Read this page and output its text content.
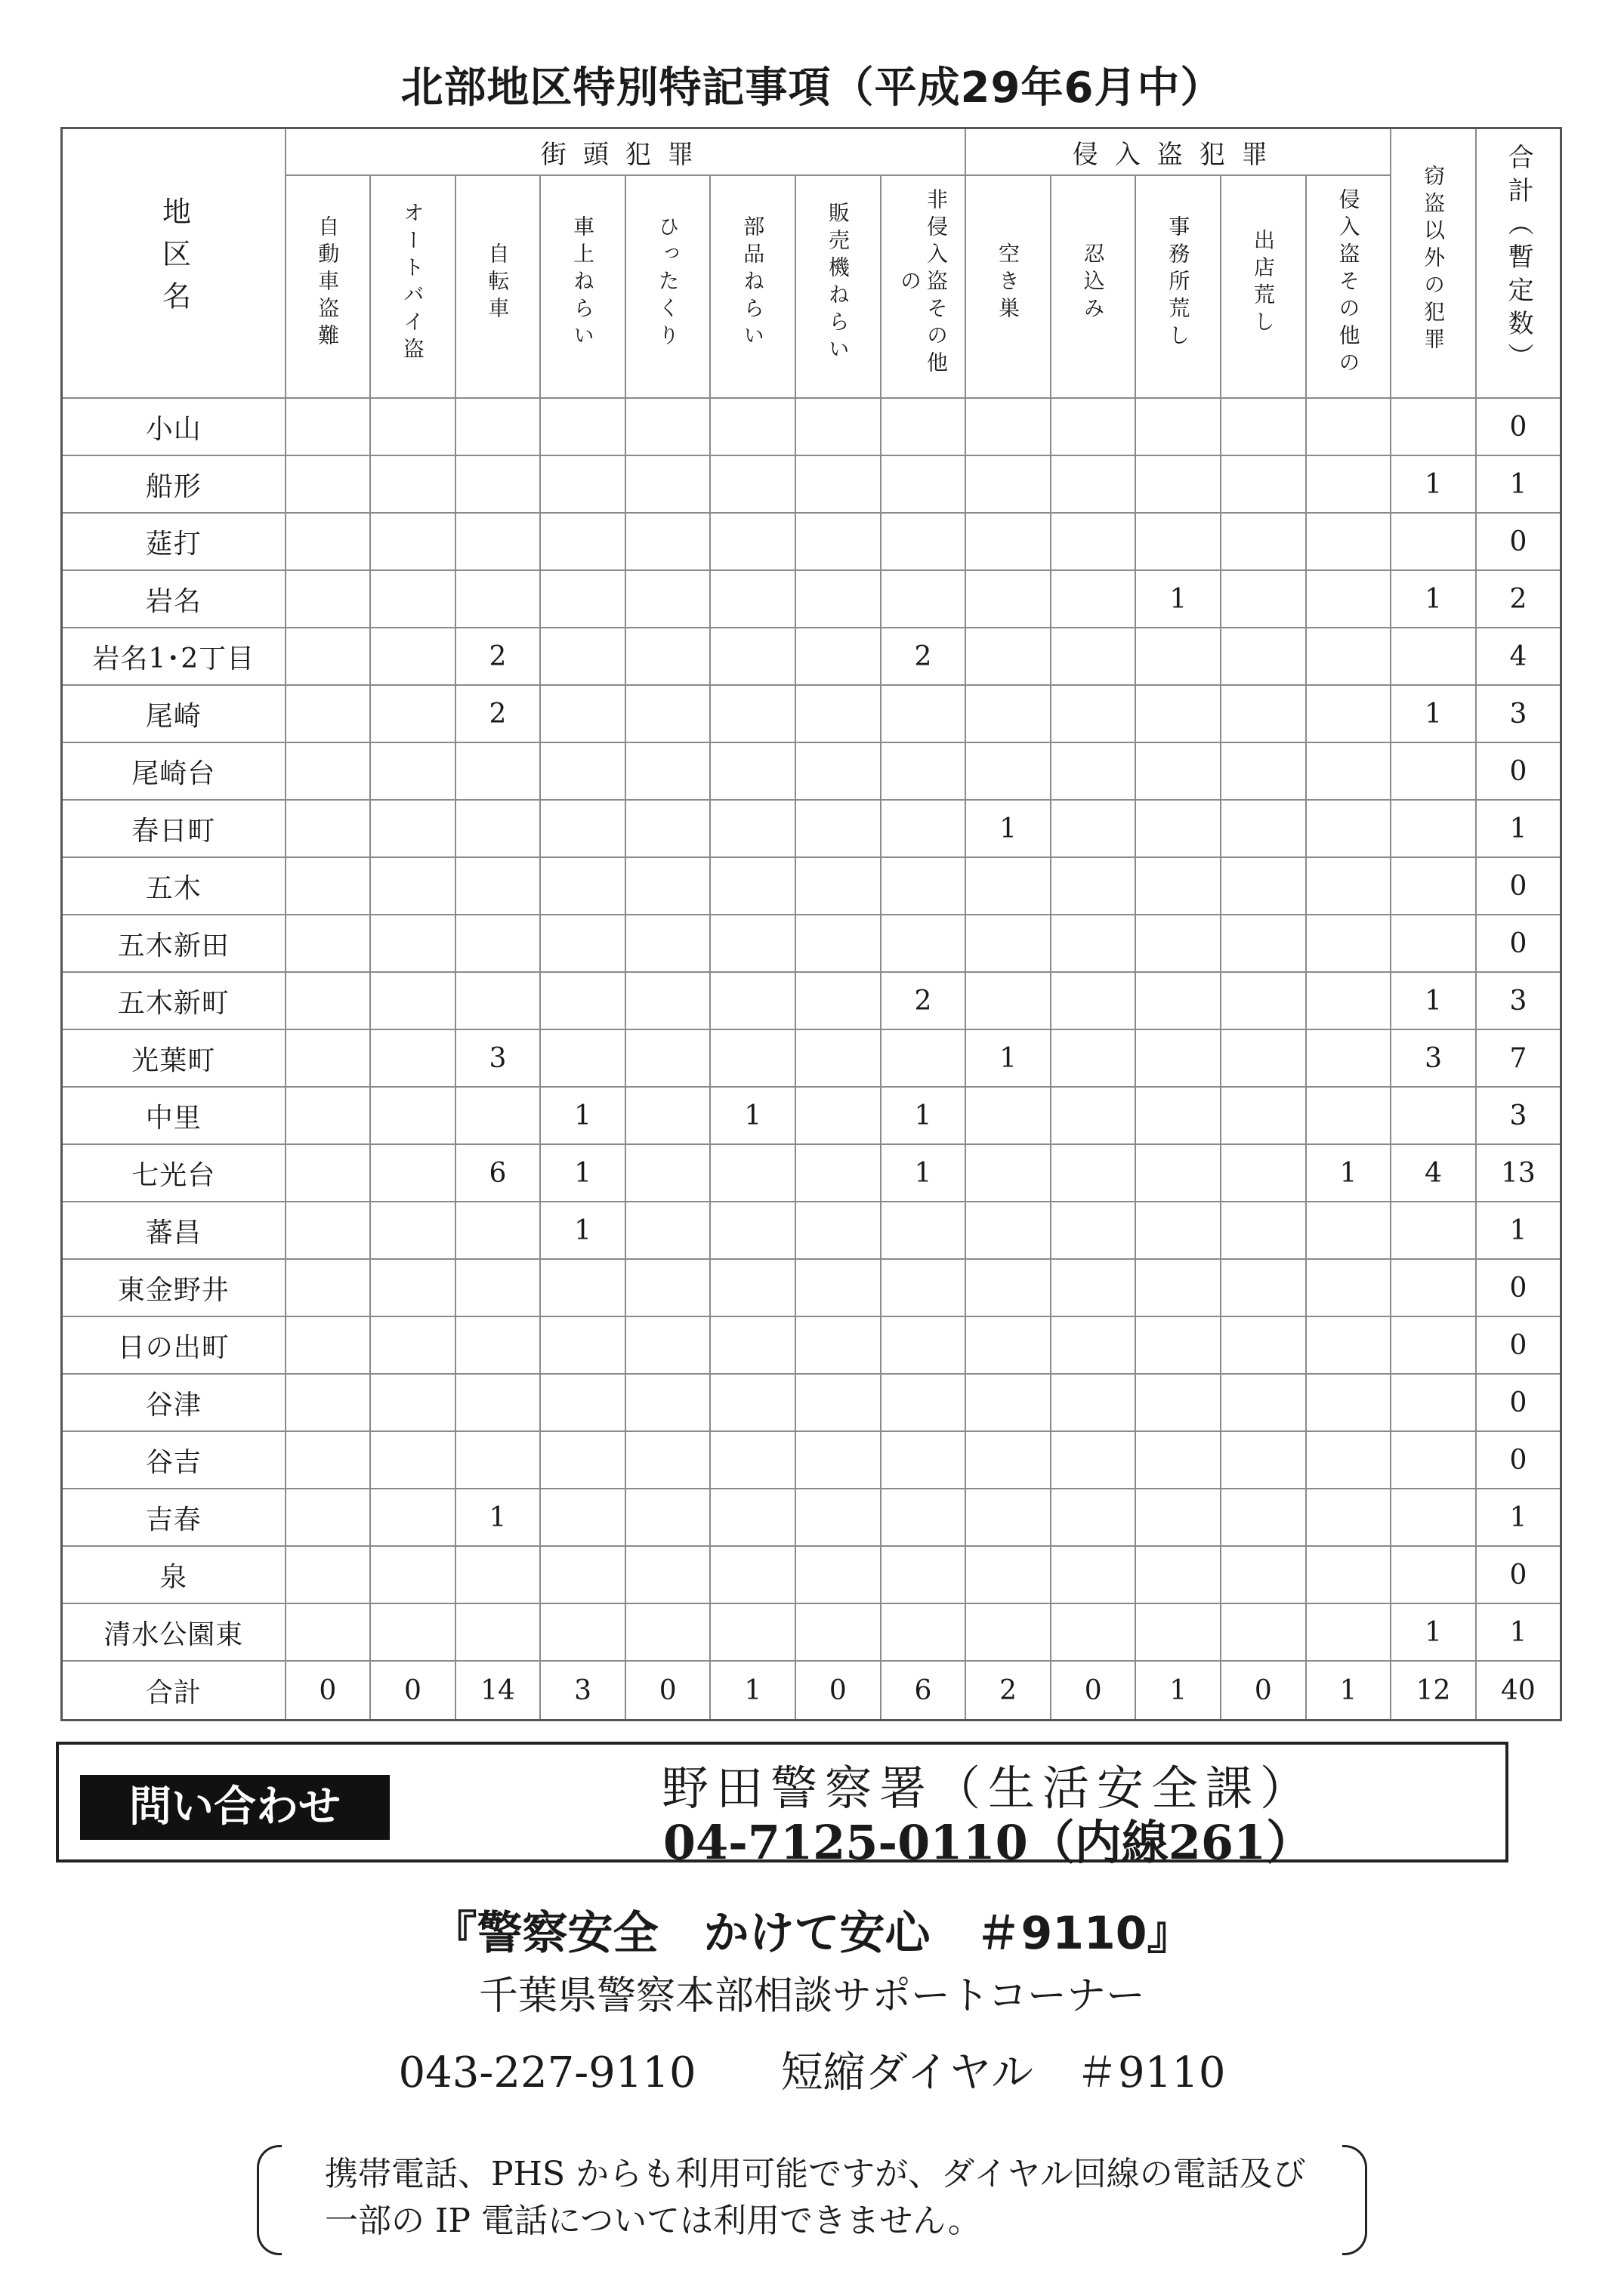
北部地区特別特記事項（平成29年6月中）
地区名	街頭犯罪								侵入盗犯罪					窃盗以外の犯罪	合計（暫定数）
	自動車盗難	オートバイ盗	自転車	車上ねらい	ひったくり	部品ねらい	販売機ねらい	非侵入盗その他の	空き巣	忍込み	事務所荒し	出店荒し	侵入盗その他の		
小山															0
船形														1	1
莚打															0
岩名											1			1	2
岩名1･2丁目			2					2							4
尾崎			2											1	3
尾崎台															0
春日町									1						1
五木															0
五木新田															0
五木新町								2						1	3
光葉町			3						1					3	7
中里				1		1		1							3
七光台			6	1				1					1	4	13
蕃昌				1											1
東金野井															0
日の出町															0
谷津															0
谷吉															0
吉春			1												1
泉															0
清水公園東														1	1
合計	0	0	14	3	0	1	0	6	2	0	1	0	1	12	40
問い合わせ	野田警察署（生活安全課）
04-7125-0110（内線261）
『警察安全　かけて安心　＃9110』
千葉県警察本部相談サポートコーナー
043-227-9110　　短縮ダイヤル　＃9110
携帯電話、PHS からも利用可能ですが、ダイヤル回線の電話及び一部の IP 電話については利用できません。
